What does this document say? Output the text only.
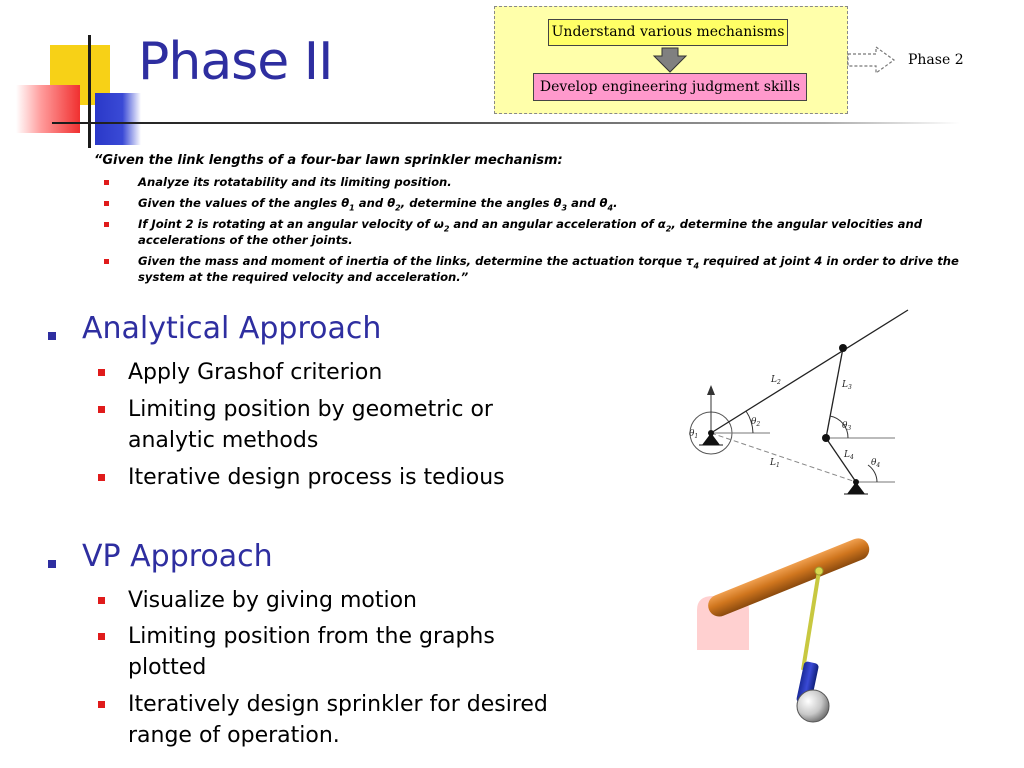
Phase II	Understand various mechanisms
Develop engineering judgment skills
Phase 2
“Given the link lengths of a four-bar lawn sprinkler mechanism:
Analyze its rotatability and its limiting position.
Given the values of the angles $\theta_1$ and $\theta_2$, determine the angles $\theta_3$ and $\theta_4$.
If Joint 2 is rotating at an angular velocity of $\omega_2$ and an angular acceleration of $\alpha_2$, determine the angular velocities and accelerations of the other joints.
Given the mass and moment of inertia of the links, determine the actuation torque $\tau_4$ required at joint 4 in order to drive the system at the required velocity and acceleration.”
Analytical Approach
Apply Grashof criterion
Limiting position by geometric or analytic methods
Iterative design process is tedious
VP Approach
Visualize by giving motion
Limiting position from the graphs plotted
Iteratively design sprinkler for desired range of operation.
$L_2$	$L_3$
$L_1$
$L_4$
$\theta_1$
$\theta_2$	$\theta_3$
$\theta_4$
